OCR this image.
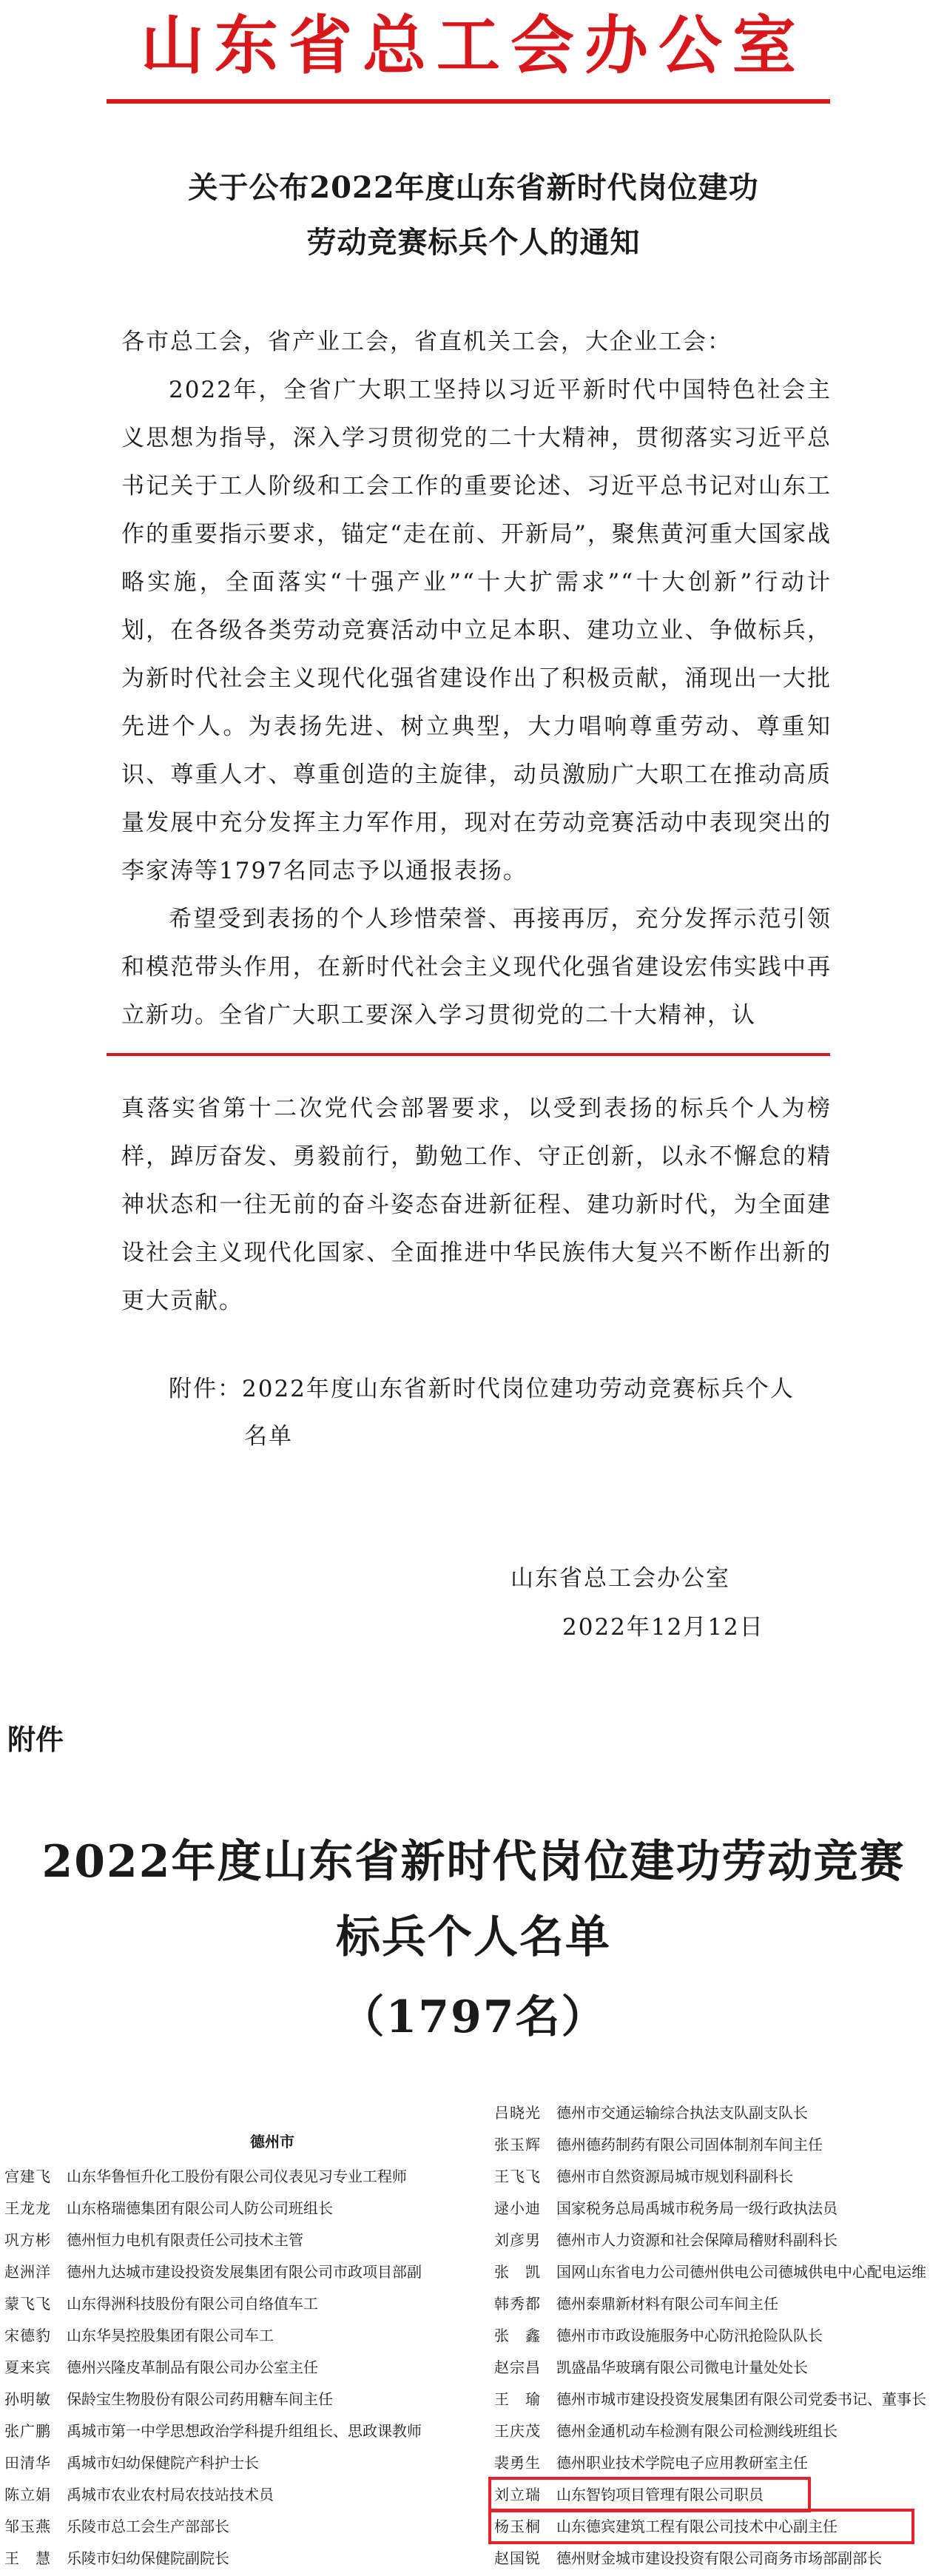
山东省总工会办公室
关于公布2022年度山东省新时代岗位建功
劳动竞赛标兵个人的通知

各市总工会，省产业工会，省直机关工会，大企业工会：

2022年，全省广大职工坚持以习近平新时代中国特色社会主义思想为指导，深入学习贯彻党的二十大精神，贯彻落实习近平总书记关于工人阶级和工会工作的重要论述、习近平总书记对山东工作的重要指示要求，锚定“走在前、开新局”，聚焦黄河重大国家战略实施，全面落实“十强产业”“十大扩需求”“十大创新”行动计划，在各级各类劳动竞赛活动中立足本职、建功立业、争做标兵，为新时代社会主义现代化强省建设作出了积极贡献，涌现出一大批先进个人。为表扬先进、树立典型，大力唱响尊重劳动、尊重知识、尊重人才、尊重创造的主旋律，动员激励广大职工在推动高质量发展中充分发挥主力军作用，现对在劳动竞赛活动中表现突出的李家涛等1797名同志予以通报表扬。

希望受到表扬的个人珍惜荣誉、再接再厉，充分发挥示范引领和模范带头作用，在新时代社会主义现代化强省建设宏伟实践中再立新功。全省广大职工要深入学习贯彻党的二十大精神，认

真落实省第十二次党代会部署要求，以受到表扬的标兵个人为榜样，踔厉奋发、勇毅前行，勤勉工作、守正创新，以永不懈怠的精神状态和一往无前的奋斗姿态奋进新征程、建功新时代，为全面建设社会主义现代化国家、全面推进中华民族伟大复兴不断作出新的更大贡献。

附件：2022年度山东省新时代岗位建功劳动竞赛标兵个人
名单
山东省总工会办公室
2022年12月12日
附件
2022年度山东省新时代岗位建功劳动竞赛
标兵个人名单
（1797名）
德州市
宫建飞	山东华鲁恒升化工股份有限公司仪表见习专业工程师
王龙龙	山东格瑞德集团有限公司人防公司班组长
巩方彬	德州恒力电机有限责任公司技术主管
赵洲洋	德州九达城市建设投资发展集团有限公司市政项目部副
蒙飞飞	山东得洲科技股份有限公司自络值车工
宋德豹	山东华昊控股集团有限公司车工
夏来宾	德州兴隆皮革制品有限公司办公室主任
孙明敏	保龄宝生物股份有限公司药用糖车间主任
张广鹏	禹城市第一中学思想政治学科提升组组长、思政课教师
田清华	禹城市妇幼保健院产科护士长
陈立娟	禹城市农业农村局农技站技术员
邹玉燕	乐陵市总工会生产部部长
王　慧	乐陵市妇幼保健院副院长
吕晓光	德州市交通运输综合执法支队副支队长
张玉辉	德州德药制药有限公司固体制剂车间主任
王飞飞	德州市自然资源局城市规划科副科长
逯小迪	国家税务总局禹城市税务局一级行政执法员
刘彦男	德州市人力资源和社会保障局稽财科副科长
张　凯	国网山东省电力公司德州供电公司德城供电中心配电运维
韩秀都	德州泰鼎新材料有限公司车间主任
张　鑫	德州市市政设施服务中心防汛抢险队队长
赵宗昌	凯盛晶华玻璃有限公司微电计量处处长
王　瑜	德州市城市建设投资发展集团有限公司党委书记、董事长
王庆茂	德州金通机动车检测有限公司检测线班组长
裴勇生	德州职业技术学院电子应用教研室主任
刘立瑞	山东智钧项目管理有限公司职员
杨玉桐	山东德宾建筑工程有限公司技术中心副主任
赵国锐	德州财金城市建设投资有限公司商务市场部副部长
